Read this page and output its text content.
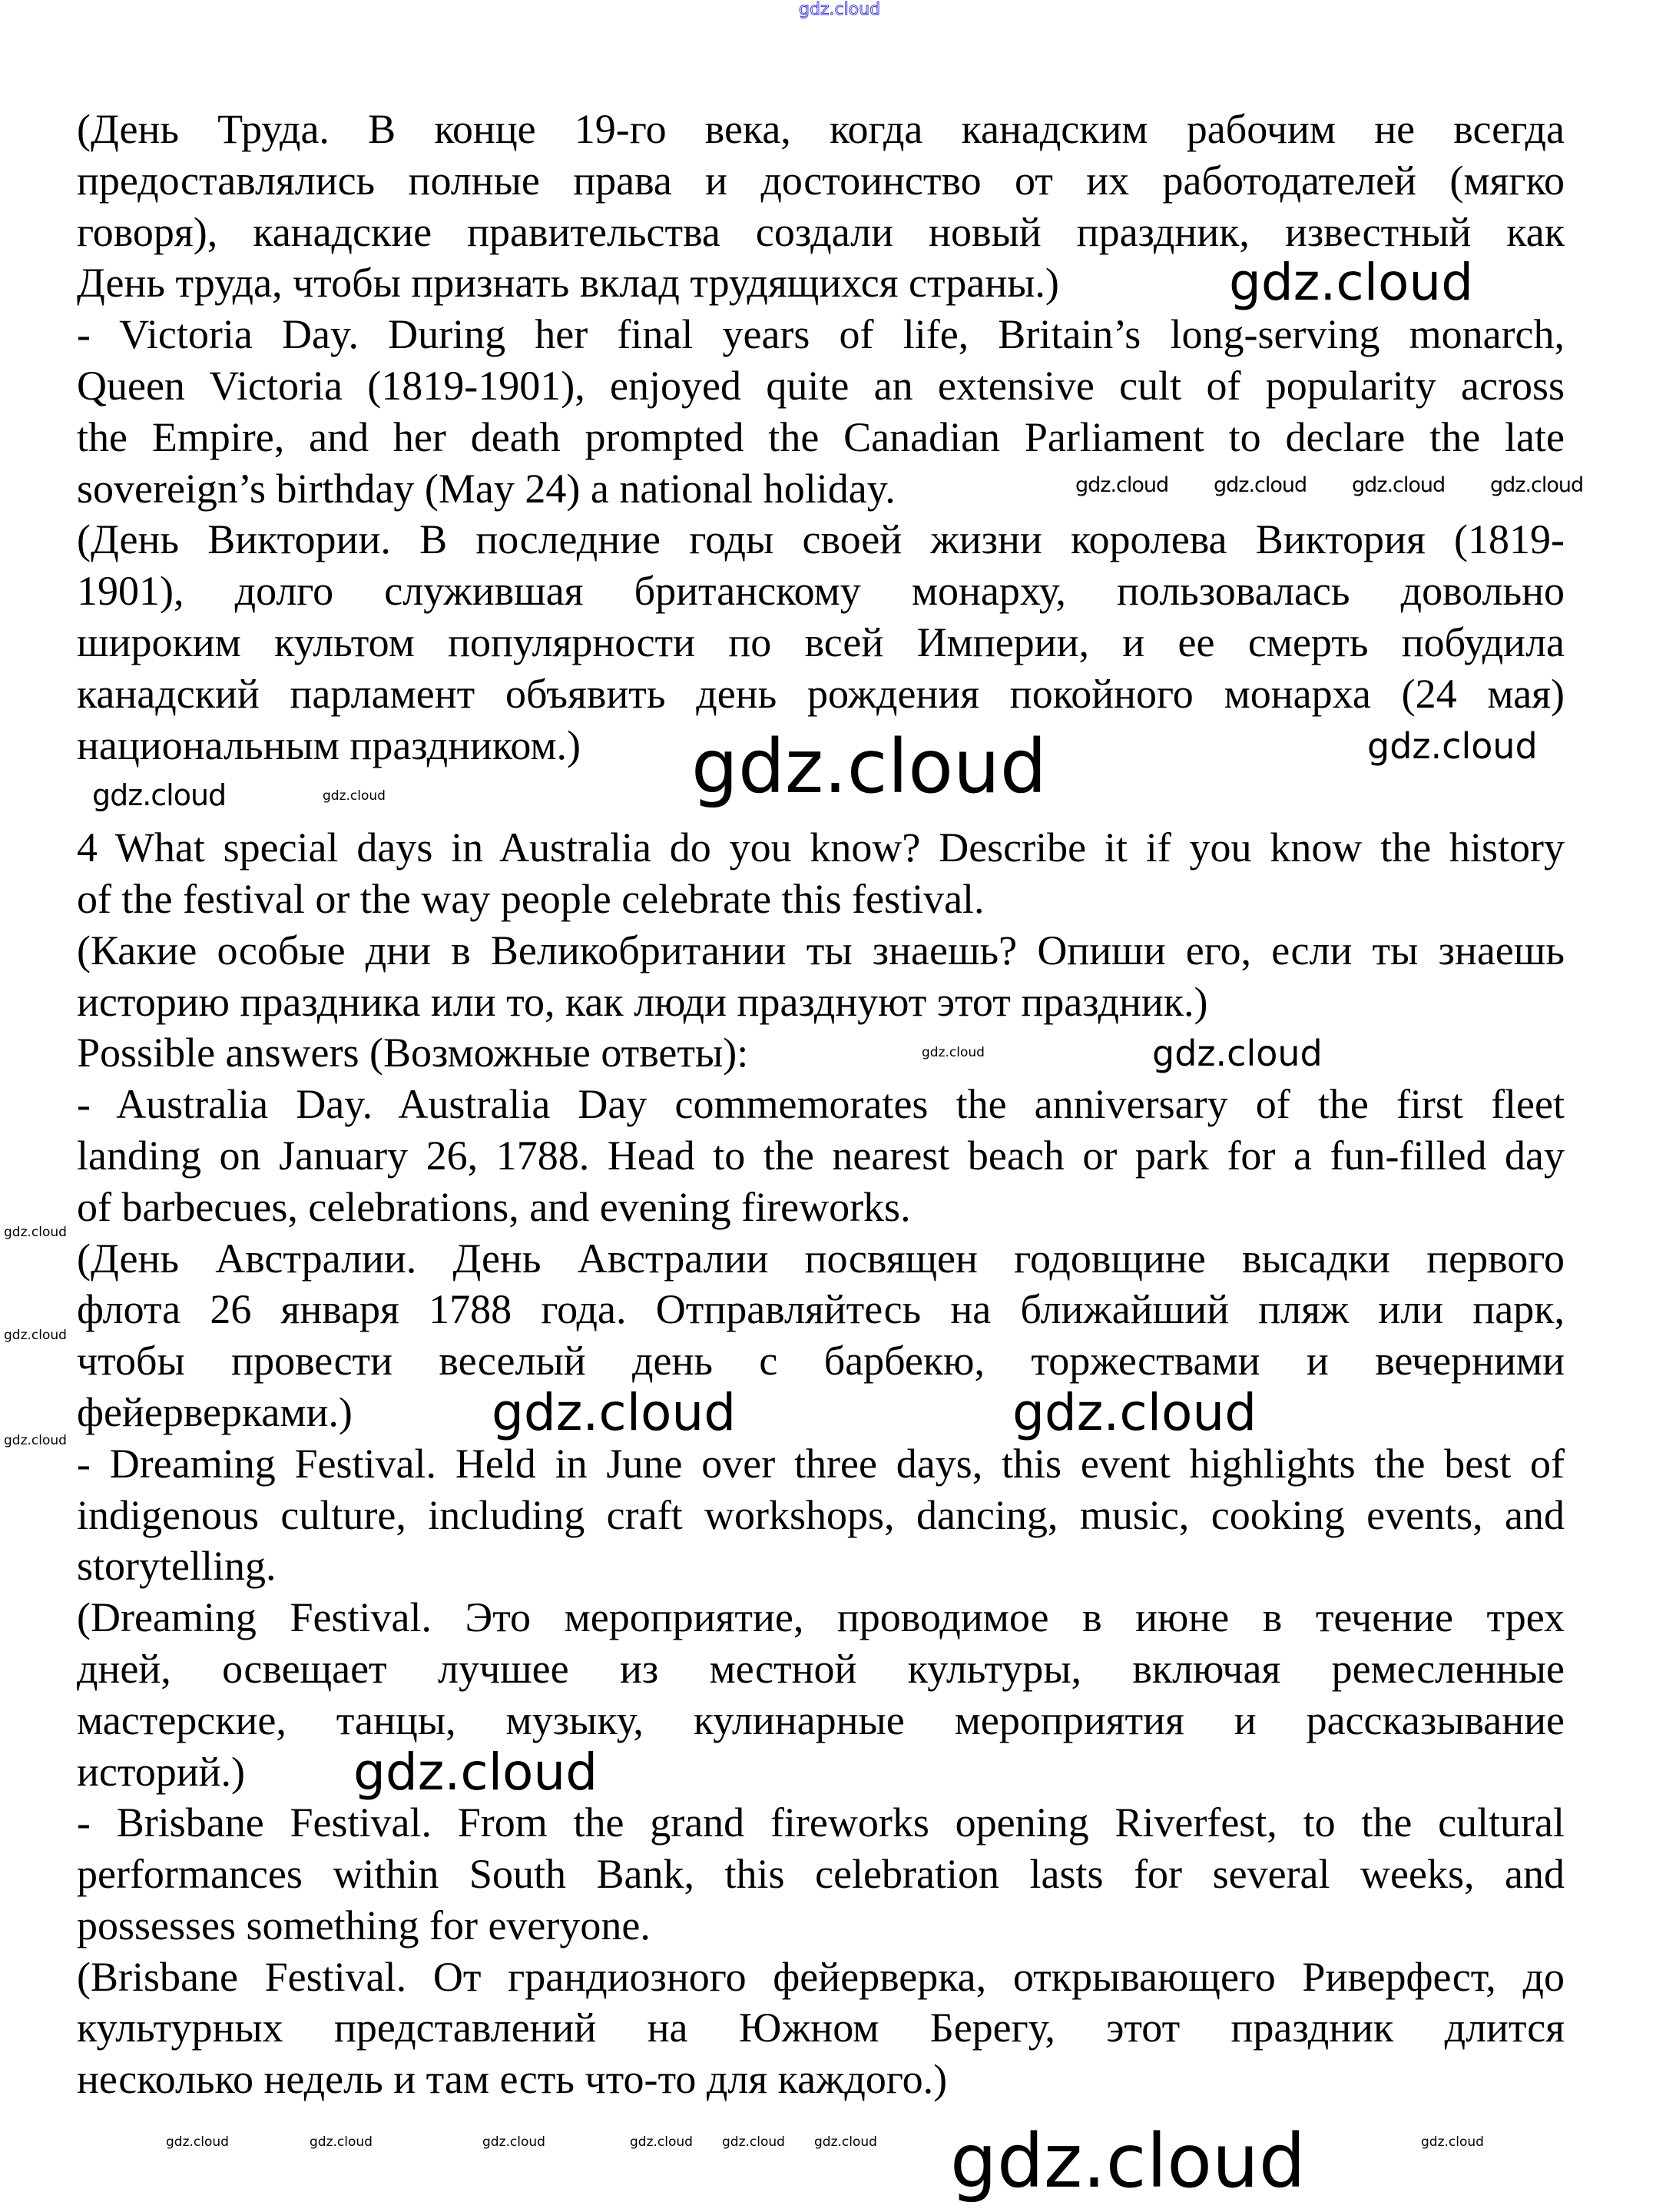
gdz.cloud
(День Труда. В конце 19-го века, когда канадским рабочим не всегда
предоставлялись полные права и достоинство от их работодателей (мягко
говоря), канадские правительства создали новый праздник, известный как
День труда, чтобы признать вклад трудящихся страны.)
- Victoria Day. During her final years of life, Britain’s long-serving monarch,
Queen Victoria (1819-1901), enjoyed quite an extensive cult of popularity across
the Empire, and her death prompted the Canadian Parliament to declare the late
sovereign’s birthday (May 24) a national holiday.
(День Виктории. В последние годы своей жизни королева Виктория (1819-
1901), долго служившая британскому монарху, пользовалась довольно
широким культом популярности по всей Империи, и ее смерть побудила
канадский парламент объявить день рождения покойного монарха (24 мая)
национальным праздником.)
4 What special days in Australia do you know? Describe it if you know the history
of the festival or the way people celebrate this festival.
(Какие особые дни в Великобритании ты знаешь? Опиши его, если ты знаешь
историю праздника или то, как люди празднуют этот праздник.)
Possible answers (Возможные ответы):
- Australia Day. Australia Day commemorates the anniversary of the first fleet
landing on January 26, 1788. Head to the nearest beach or park for a fun-filled day
of barbecues, celebrations, and evening fireworks.
(День Австралии. День Австралии посвящен годовщине высадки первого
флота 26 января 1788 года. Отправляйтесь на ближайший пляж или парк,
чтобы провести веселый день с барбекю, торжествами и вечерними
фейерверками.)
- Dreaming Festival. Held in June over three days, this event highlights the best of
indigenous culture, including craft workshops, dancing, music, cooking events, and
storytelling.
(Dreaming Festival. Это мероприятие, проводимое в июне в течение трех
дней, освещает лучшее из местной культуры, включая ремесленные
мастерские, танцы, музыку, кулинарные мероприятия и рассказывание
историй.)
- Brisbane Festival. From the grand fireworks opening Riverfest, to the cultural
performances within South Bank, this celebration lasts for several weeks, and
possesses something for everyone.
(Brisbane Festival. От грандиозного фейерверка, открывающего Риверфест, до
культурных представлений на Южном Берегу, этот праздник длится
несколько недель и там есть что-то для каждого.)
gdz.cloud
gdz.cloud gdz.cloud gdz.cloud gdz.cloud
gdz.cloud	gdz.cloud
gdz.cloud	gdz.cloud
gdz.cloud	gdz.cloud
gdz.cloud
gdz.cloud
gdz.cloud	gdz.cloud	gdz.cloud
gdz.cloud
gdz.cloud
gdz.cloud	gdz.cloud	gdz.cloud	gdz.cloud gdz.cloud gdz.cloud	gdz.cloud
